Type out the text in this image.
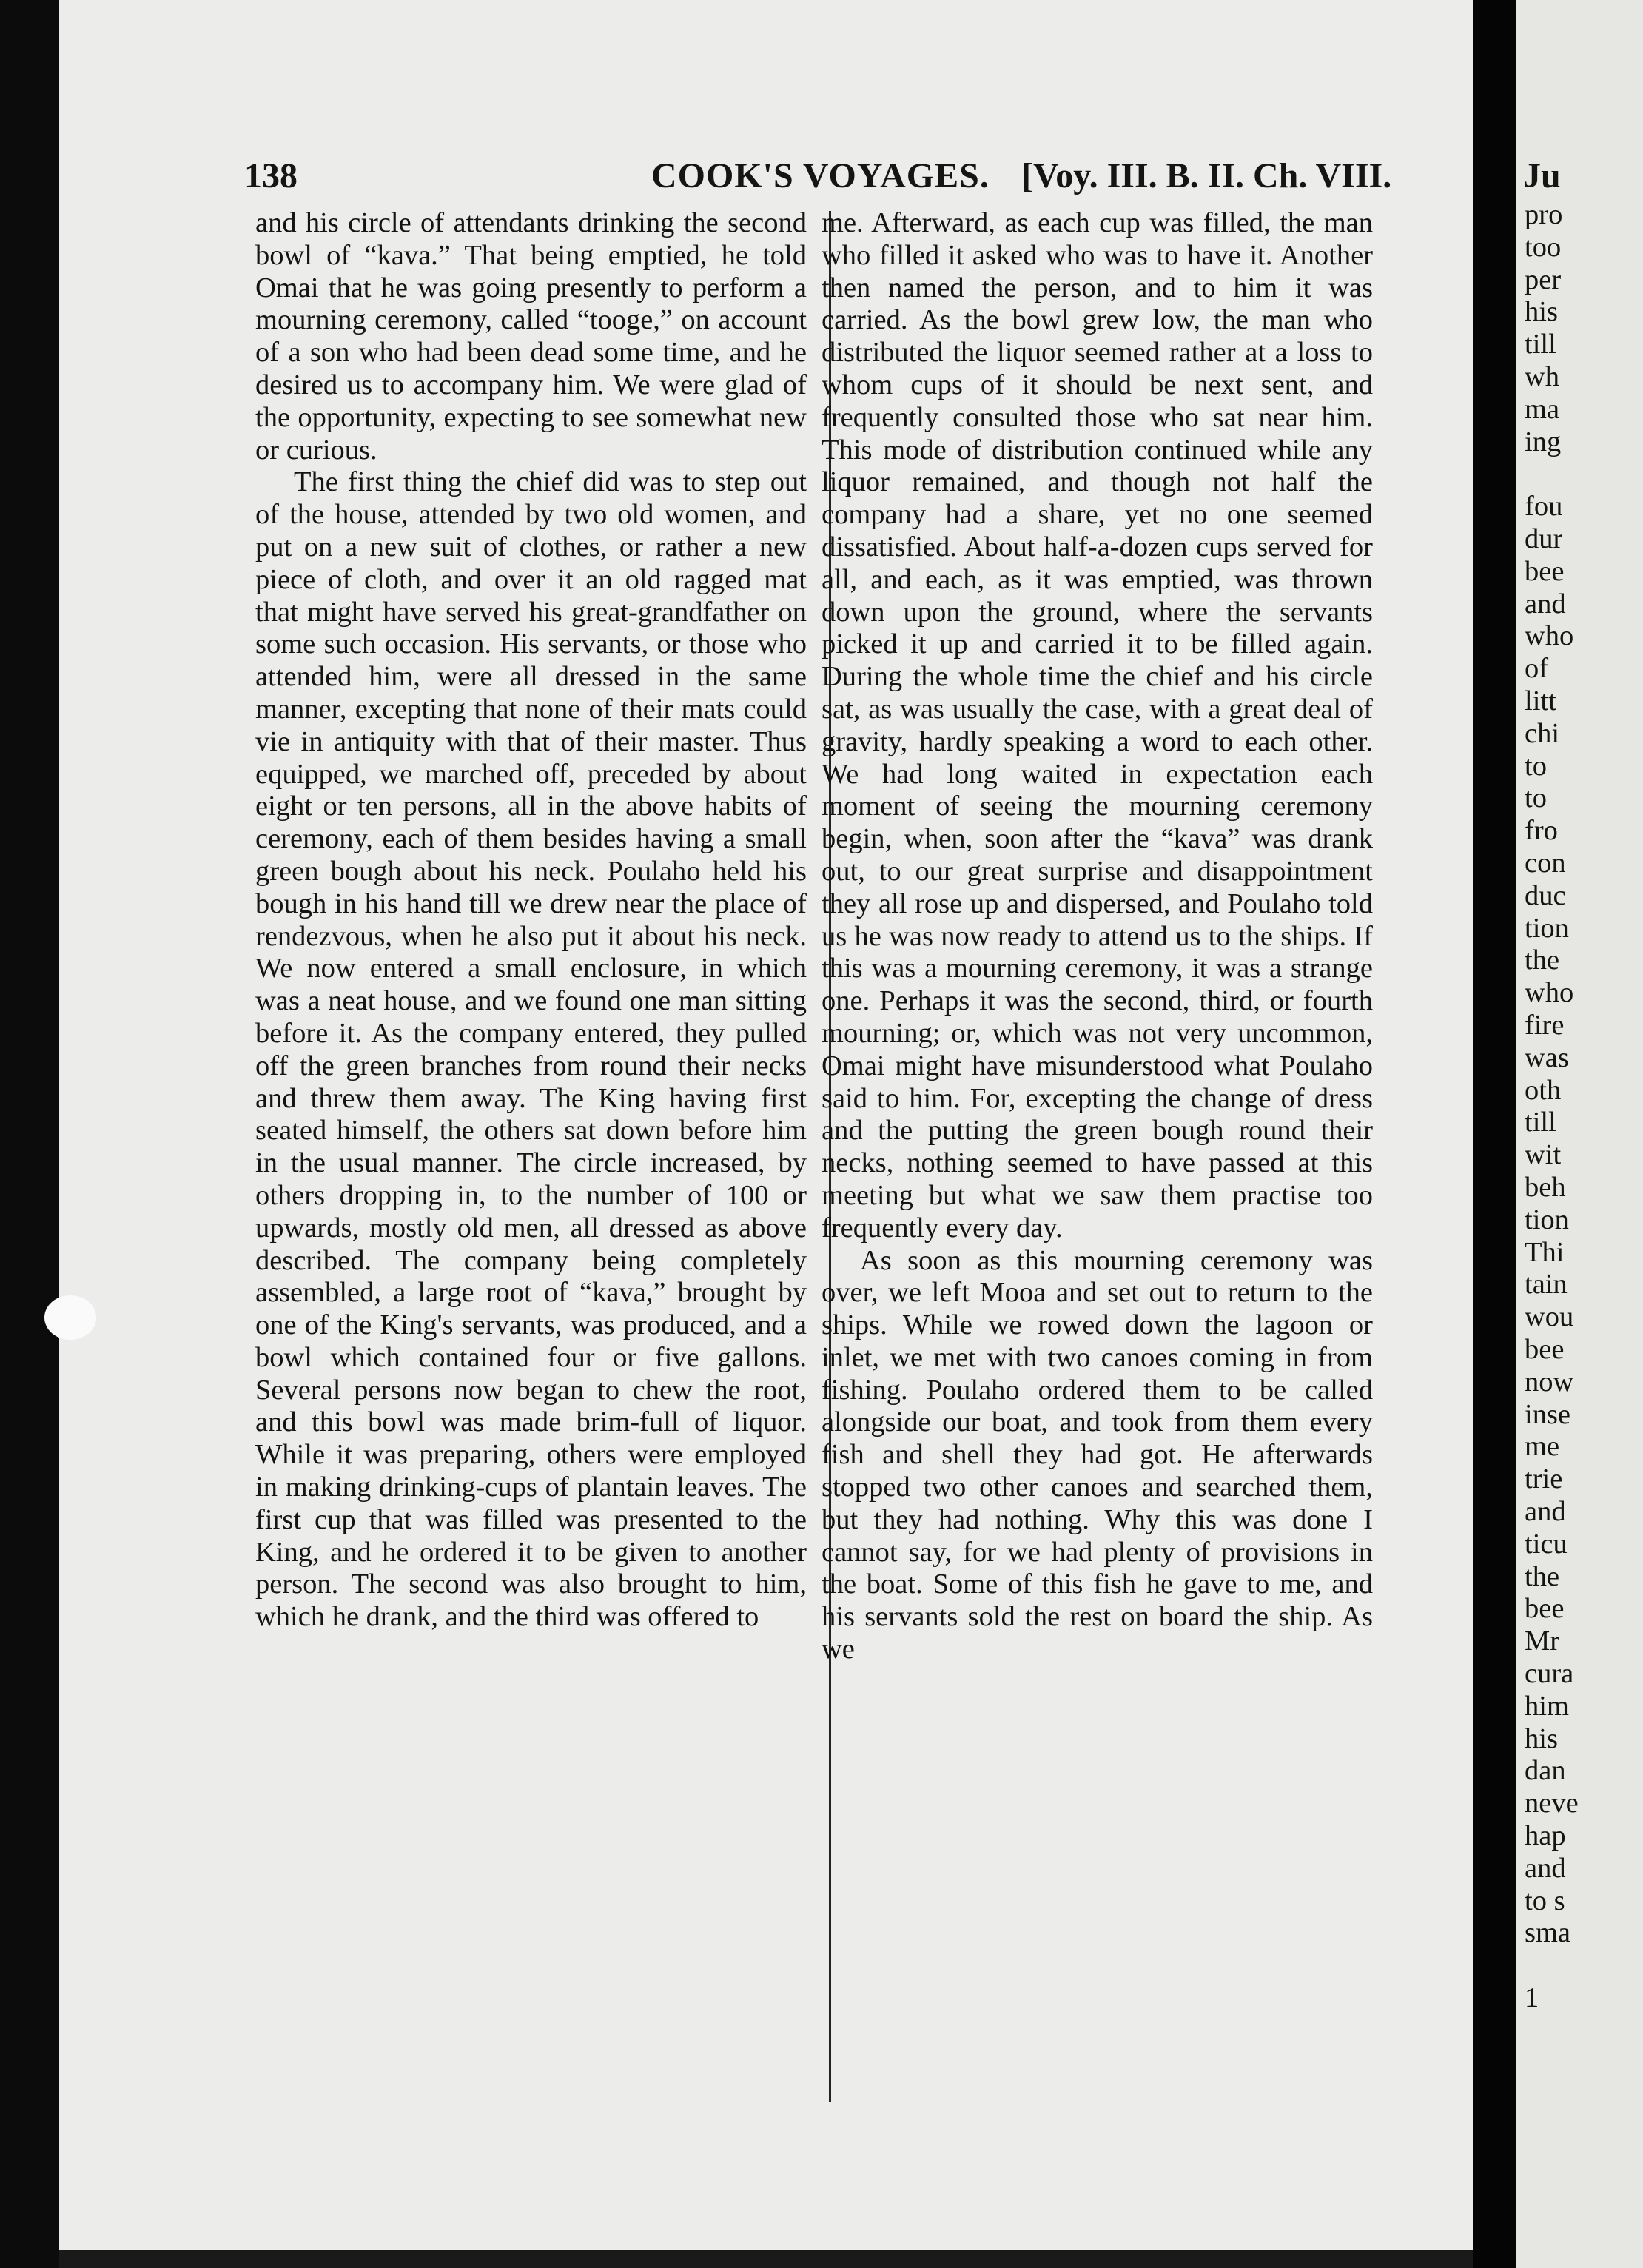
138	COOK'S VOYAGES. [Voy. III. B. II. Ch. VIII.

and his circle of attendants drinking the second bowl of “kava.” That being emptied, he told Omai that he was going presently to perform a mourning ceremony, called “tooge,” on account of a son who had been dead some time, and he desired us to accompany him. We were glad of the opportunity, expecting to see somewhat new or curious.

The first thing the chief did was to step out of the house, attended by two old women, and put on a new suit of clothes, or rather a new piece of cloth, and over it an old ragged mat that might have served his great-grandfather on some such occasion. His servants, or those who attended him, were all dressed in the same manner, excepting that none of their mats could vie in antiquity with that of their master. Thus equipped, we marched off, preceded by about eight or ten persons, all in the above habits of ceremony, each of them besides having a small green bough about his neck. Poulaho held his bough in his hand till we drew near the place of rendezvous, when he also put it about his neck. We now entered a small enclosure, in which was a neat house, and we found one man sitting before it. As the company entered, they pulled off the green branches from round their necks and threw them away. The King having first seated himself, the others sat down before him in the usual manner. The circle increased, by others dropping in, to the number of 100 or upwards, mostly old men, all dressed as above described. The company being completely assembled, a large root of “kava,” brought by one of the King's servants, was produced, and a bowl which contained four or five gallons. Several persons now began to chew the root, and this bowl was made brim-full of liquor. While it was preparing, others were employed in making drinking-cups of plantain leaves. The first cup that was filled was presented to the King, and he ordered it to be given to another person. The second was also brought to him, which he drank, and the third was offered to

me. Afterward, as each cup was filled, the man who filled it asked who was to have it. Another then named the person, and to him it was carried. As the bowl grew low, the man who distributed the liquor seemed rather at a loss to whom cups of it should be next sent, and frequently consulted those who sat near him. This mode of distribution continued while any liquor remained, and though not half the company had a share, yet no one seemed dissatisfied. About half-a-dozen cups served for all, and each, as it was emptied, was thrown down upon the ground, where the servants picked it up and carried it to be filled again. During the whole time the chief and his circle sat, as was usually the case, with a great deal of gravity, hardly speaking a word to each other. We had long waited in expectation each moment of seeing the mourning ceremony begin, when, soon after the “kava” was drank out, to our great surprise and disappointment they all rose up and dispersed, and Poulaho told us he was now ready to attend us to the ships. If this was a mourning ceremony, it was a strange one. Perhaps it was the second, third, or fourth mourning; or, which was not very uncommon, Omai might have misunderstood what Poulaho said to him. For, excepting the change of dress and the putting the green bough round their necks, nothing seemed to have passed at this meeting but what we saw them practise too frequently every day.

As soon as this mourning ceremony was over, we left Mooa and set out to return to the ships. While we rowed down the lagoon or inlet, we met with two canoes coming in from fishing. Poulaho ordered them to be called alongside our boat, and took from them every fish and shell they had got. He afterwards stopped two other canoes and searched them, but they had nothing. Why this was done I cannot say, for we had plenty of provisions in the boat. Some of this fish he gave to me, and his servants sold the rest on board the ship. As we

Ju
pro
too
per
his
till
wh
ma
ing
fou
dur
bee
and
who
of
litt
chi
to
to
fro
con
duc
tion
the
who
fire
was
oth
till
wit
beh
tion
Thi
tain
wou
bee
now
inse
me
trie
and
ticu
the
bee
Mr
cura
him
his
dan
neve
hap
and
to s
sma
1
